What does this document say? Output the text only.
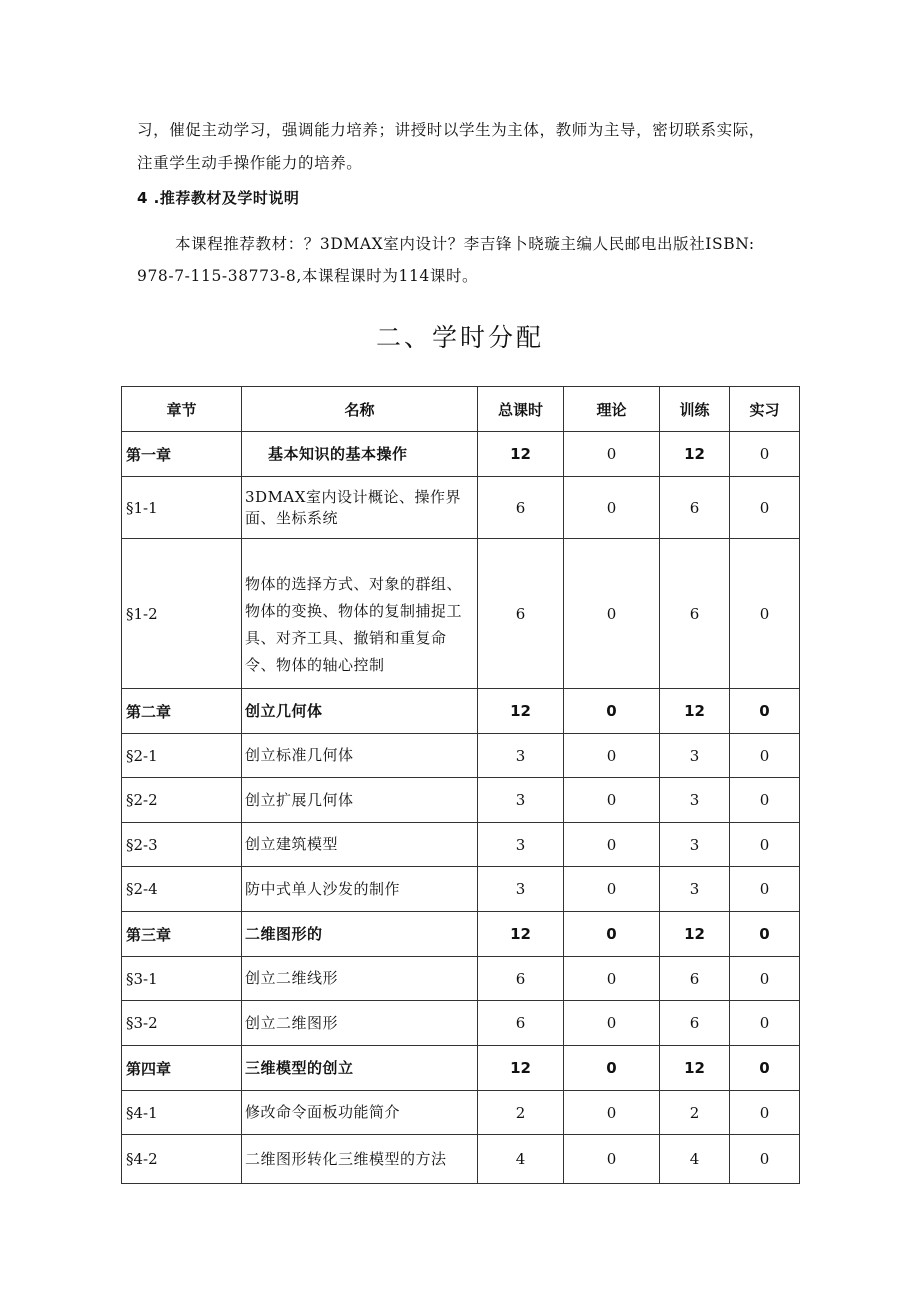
习，催促主动学习，强调能力培养；讲授时以学生为主体，教师为主导，密切联系实际，
注重学生动手操作能力的培养。
4 .推荐教材及学时说明
本课程推荐教材：？3DMAX室内设计？李吉锋卜晓璇主编人民邮电出版社ISBN:
978-7-115-38773-8,本课程课时为114课时。
二、学时分配
章节	名称	总课时	理论	训练	实习
第一章	基本知识的基本操作	12	0	12	0
§1-1	3DMAX室内设计概论、操作界面、坐标系统	6	0	6	0
§1-2	物体的选择方式、对象的群组、物体的变换、物体的复制捕捉工具、对齐工具、撤销和重复命令、物体的轴心控制	6	0	6	0
第二章	创立几何体	12	0	12	0
§2-1	创立标准几何体	3	0	3	0
§2-2	创立扩展几何体	3	0	3	0
§2-3	创立建筑模型	3	0	3	0
§2-4	防中式单人沙发的制作	3	0	3	0
第三章	二维图形的	12	0	12	0
§3-1	创立二维线形	6	0	6	0
§3-2	创立二维图形	6	0	6	0
第四章	三维模型的创立	12	0	12	0
§4-1	修改命令面板功能简介	2	0	2	0
§4-2	二维图形转化三维模型的方法	4	0	4	0
